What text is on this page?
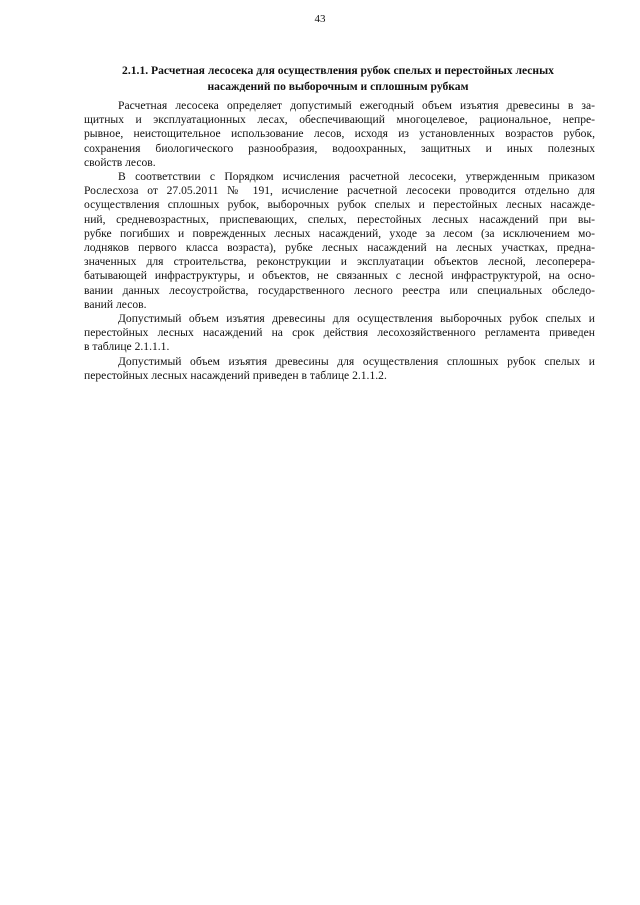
43
2.1.1. Расчетная лесосека для осуществления рубок спелых и перестойных лесных
насаждений по выборочным и сплошным рубкам

Расчетная лесосека определяет допустимый ежегодный объем изъятия древесины в за-
щитных и эксплуатационных лесах, обеспечивающий многоцелевое, рациональное, непре-
рывное, неистощительное использование лесов, исходя из установленных возрастов рубок,
сохранения биологического разнообразия, водоохранных, защитных и иных полезных
свойств лесов.

В соответствии с Порядком исчисления расчетной лесосеки, утвержденным приказом
Рослесхоза от 27.05.2011 № 191, исчисление расчетной лесосеки проводится отдельно для
осуществления сплошных рубок, выборочных рубок спелых и перестойных лесных насажде-
ний, средневозрастных, приспевающих, спелых, перестойных лесных насаждений при вы-
рубке погибших и поврежденных лесных насаждений, уходе за лесом (за исключением мо-
лодняков первого класса возраста), рубке лесных насаждений на лесных участках, предна-
значенных для строительства, реконструкции и эксплуатации объектов лесной, лесоперера-
батывающей инфраструктуры, и объектов, не связанных с лесной инфраструктурой, на осно-
вании данных лесоустройства, государственного лесного реестра или специальных обследо-
ваний лесов.

Допустимый объем изъятия древесины для осуществления выборочных рубок спелых и
перестойных лесных насаждений на срок действия лесохозяйственного регламента приведен
в таблице 2.1.1.1.

Допустимый объем изъятия древесины для осуществления сплошных рубок спелых и
перестойных лесных насаждений приведен в таблице 2.1.1.2.
